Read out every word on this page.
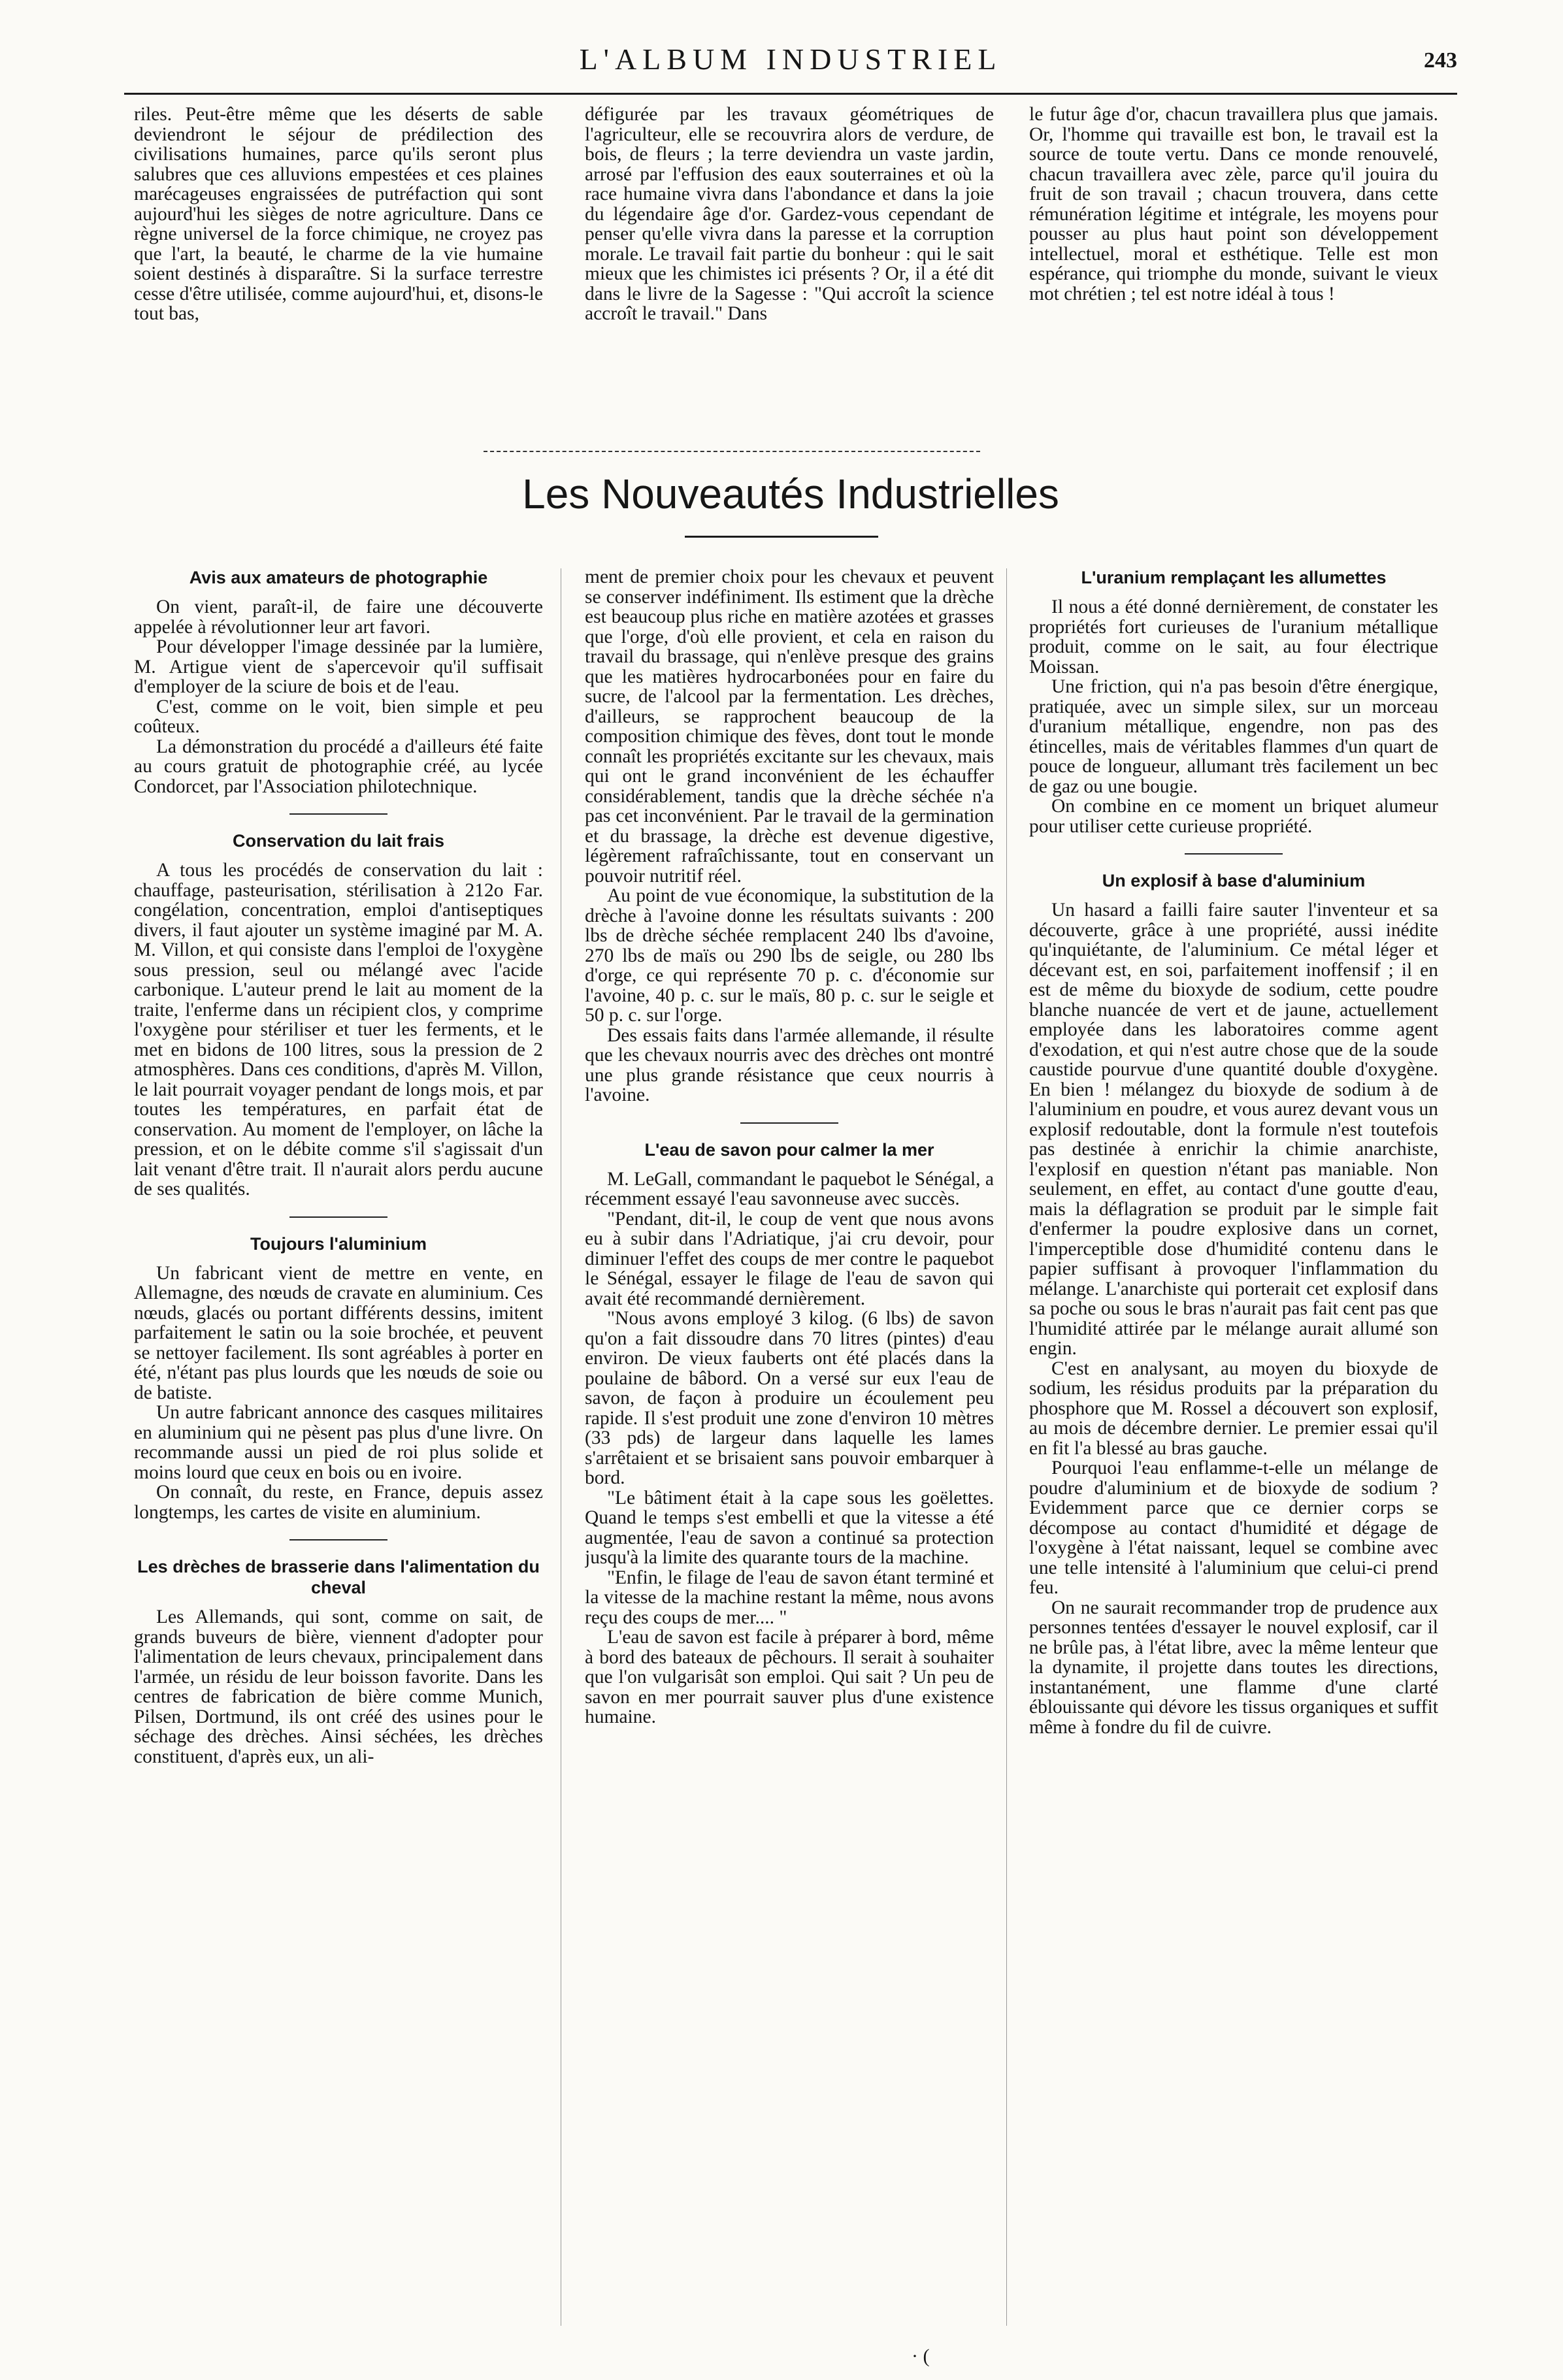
L'ALBUM INDUSTRIEL	243

riles. Peut-être même que les déserts de sable deviendront le séjour de prédilection des civilisations humaines, parce qu'ils seront plus salubres que ces alluvions empestées et ces plaines marécageuses engraissées de putréfaction qui sont aujourd'hui les sièges de notre agriculture. Dans ce règne universel de la force chimique, ne croyez pas que l'art, la beauté, le charme de la vie humaine soient destinés à disparaître. Si la surface terrestre cesse d'être utilisée, comme aujourd'hui, et, disons-le tout bas,

défigurée par les travaux géométriques de l'agriculteur, elle se recouvrira alors de verdure, de bois, de fleurs ; la terre deviendra un vaste jardin, arrosé par l'effusion des eaux souterraines et où la race humaine vivra dans l'abondance et dans la joie du légendaire âge d'or. Gardez-vous cependant de penser qu'elle vivra dans la paresse et la corruption morale. Le travail fait partie du bonheur : qui le sait mieux que les chimistes ici présents ? Or, il a été dit dans le livre de la Sagesse : "Qui accroît la science accroît le travail." Dans

le futur âge d'or, chacun travaillera plus que jamais. Or, l'homme qui travaille est bon, le travail est la source de toute vertu. Dans ce monde renouvelé, chacun travaillera avec zèle, parce qu'il jouira du fruit de son travail ; chacun trouvera, dans cette rémunération légitime et intégrale, les moyens pour pousser au plus haut point son développement intellectuel, moral et esthétique. Telle est mon espérance, qui triomphe du monde, suivant le vieux mot chrétien ; tel est notre idéal à tous !

Les Nouveautés Industrielles
Avis aux amateurs de photographie

On vient, paraît-il, de faire une découverte appelée à révolutionner leur art favori.

Pour développer l'image dessinée par la lumière, M. Artigue vient de s'apercevoir qu'il suffisait d'employer de la sciure de bois et de l'eau.

C'est, comme on le voit, bien simple et peu coûteux.

La démonstration du procédé a d'ailleurs été faite au cours gratuit de photographie créé, au lycée Condorcet, par l'Association philotechnique.

Conservation du lait frais

A tous les procédés de conservation du lait : chauffage, pasteurisation, stérilisation à 212o Far. congélation, concentration, emploi d'antiseptiques divers, il faut ajouter un système imaginé par M. A. M. Villon, et qui consiste dans l'emploi de l'oxygène sous pression, seul ou mélangé avec l'acide carbonique. L'auteur prend le lait au moment de la traite, l'enferme dans un récipient clos, y comprime l'oxygène pour stériliser et tuer les ferments, et le met en bidons de 100 litres, sous la pression de 2 atmosphères. Dans ces conditions, d'après M. Villon, le lait pourrait voyager pendant de longs mois, et par toutes les températures, en parfait état de conservation. Au moment de l'employer, on lâche la pression, et on le débite comme s'il s'agissait d'un lait venant d'être trait. Il n'aurait alors perdu aucune de ses qualités.

Toujours l'aluminium

Un fabricant vient de mettre en vente, en Allemagne, des nœuds de cravate en aluminium. Ces nœuds, glacés ou portant différents dessins, imitent parfaitement le satin ou la soie brochée, et peuvent se nettoyer facilement. Ils sont agréables à porter en été, n'étant pas plus lourds que les nœuds de soie ou de batiste.

Un autre fabricant annonce des casques militaires en aluminium qui ne pèsent pas plus d'une livre. On recommande aussi un pied de roi plus solide et moins lourd que ceux en bois ou en ivoire.

On connaît, du reste, en France, depuis assez longtemps, les cartes de visite en aluminium.

Les drèches de brasserie dans l'alimentation du cheval

Les Allemands, qui sont, comme on sait, de grands buveurs de bière, viennent d'adopter pour l'alimentation de leurs chevaux, principalement dans l'armée, un résidu de leur boisson favorite. Dans les centres de fabrication de bière comme Munich, Pilsen, Dortmund, ils ont créé des usines pour le séchage des drèches. Ainsi séchées, les drèches constituent, d'après eux, un ali-

ment de premier choix pour les chevaux et peuvent se conserver indéfiniment. Ils estiment que la drèche est beaucoup plus riche en matière azotées et grasses que l'orge, d'où elle provient, et cela en raison du travail du brassage, qui n'enlève presque des grains que les matières hydrocarbonées pour en faire du sucre, de l'alcool par la fermentation. Les drèches, d'ailleurs, se rapprochent beaucoup de la composition chimique des fèves, dont tout le monde connaît les propriétés excitante sur les chevaux, mais qui ont le grand inconvénient de les échauffer considérablement, tandis que la drèche séchée n'a pas cet inconvénient. Par le travail de la germination et du brassage, la drèche est devenue digestive, légèrement rafraîchissante, tout en conservant un pouvoir nutritif réel.

Au point de vue économique, la substitution de la drèche à l'avoine donne les résultats suivants : 200 lbs de drèche séchée remplacent 240 lbs d'avoine, 270 lbs de maïs ou 290 lbs de seigle, ou 280 lbs d'orge, ce qui représente 70 p. c. d'économie sur l'avoine, 40 p. c. sur le maïs, 80 p. c. sur le seigle et 50 p. c. sur l'orge.

Des essais faits dans l'armée allemande, il résulte que les chevaux nourris avec des drèches ont montré une plus grande résistance que ceux nourris à l'avoine.

L'eau de savon pour calmer la mer

M. LeGall, commandant le paquebot le Sénégal, a récemment essayé l'eau savonneuse avec succès.

"Pendant, dit-il, le coup de vent que nous avons eu à subir dans l'Adriatique, j'ai cru devoir, pour diminuer l'effet des coups de mer contre le paquebot le Sénégal, essayer le filage de l'eau de savon qui avait été recommandé dernièrement.

"Nous avons employé 3 kilog. (6 lbs) de savon qu'on a fait dissoudre dans 70 litres (pintes) d'eau environ. De vieux fauberts ont été placés dans la poulaine de bâbord. On a versé sur eux l'eau de savon, de façon à produire un écoulement peu rapide. Il s'est produit une zone d'environ 10 mètres (33 pds) de largeur dans laquelle les lames s'arrêtaient et se brisaient sans pouvoir embarquer à bord.

"Le bâtiment était à la cape sous les goëlettes. Quand le temps s'est embelli et que la vitesse a été augmentée, l'eau de savon a continué sa protection jusqu'à la limite des quarante tours de la machine.

"Enfin, le filage de l'eau de savon étant terminé et la vitesse de la machine restant la même, nous avons reçu des coups de mer.... "

L'eau de savon est facile à préparer à bord, même à bord des bateaux de pêchours. Il serait à souhaiter que l'on vulgarisât son emploi. Qui sait ? Un peu de savon en mer pourrait sauver plus d'une existence humaine.

L'uranium remplaçant les allumettes

Il nous a été donné dernièrement, de constater les propriétés fort curieuses de l'uranium métallique produit, comme on le sait, au four électrique Moissan.

Une friction, qui n'a pas besoin d'être énergique, pratiquée, avec un simple silex, sur un morceau d'uranium métallique, engendre, non pas des étincelles, mais de véritables flammes d'un quart de pouce de longueur, allumant très facilement un bec de gaz ou une bougie.

On combine en ce moment un briquet alumeur pour utiliser cette curieuse propriété.

Un explosif à base d'aluminium

Un hasard a failli faire sauter l'inventeur et sa découverte, grâce à une propriété, aussi inédite qu'inquiétante, de l'aluminium. Ce métal léger et décevant est, en soi, parfaitement inoffensif ; il en est de même du bioxyde de sodium, cette poudre blanche nuancée de vert et de jaune, actuellement employée dans les laboratoires comme agent d'exodation, et qui n'est autre chose que de la soude caustide pourvue d'une quantité double d'oxygène. En bien ! mélangez du bioxyde de sodium à de l'aluminium en poudre, et vous aurez devant vous un explosif redoutable, dont la formule n'est toutefois pas destinée à enrichir la chimie anarchiste, l'explosif en question n'étant pas maniable. Non seulement, en effet, au contact d'une goutte d'eau, mais la déflagration se produit par le simple fait d'enfermer la poudre explosive dans un cornet, l'imperceptible dose d'humidité contenu dans le papier suffisant à provoquer l'inflammation du mélange. L'anarchiste qui porterait cet explosif dans sa poche ou sous le bras n'aurait pas fait cent pas que l'humidité attirée par le mélange aurait allumé son engin.

C'est en analysant, au moyen du bioxyde de sodium, les résidus produits par la préparation du phosphore que M. Rossel a découvert son explosif, au mois de décembre dernier. Le premier essai qu'il en fit l'a blessé au bras gauche.

Pourquoi l'eau enflamme-t-elle un mélange de poudre d'aluminium et de bioxyde de sodium ? Evidemment parce que ce dernier corps se décompose au contact d'humidité et dégage de l'oxygène à l'état naissant, lequel se combine avec une telle intensité à l'aluminium que celui-ci prend feu.

On ne saurait recommander trop de prudence aux personnes tentées d'essayer le nouvel explosif, car il ne brûle pas, à l'état libre, avec la même lenteur que la dynamite, il projette dans toutes les directions, instantanément, une flamme d'une clarté éblouissante qui dévore les tissus organiques et suffit même à fondre du fil de cuivre.

· (
